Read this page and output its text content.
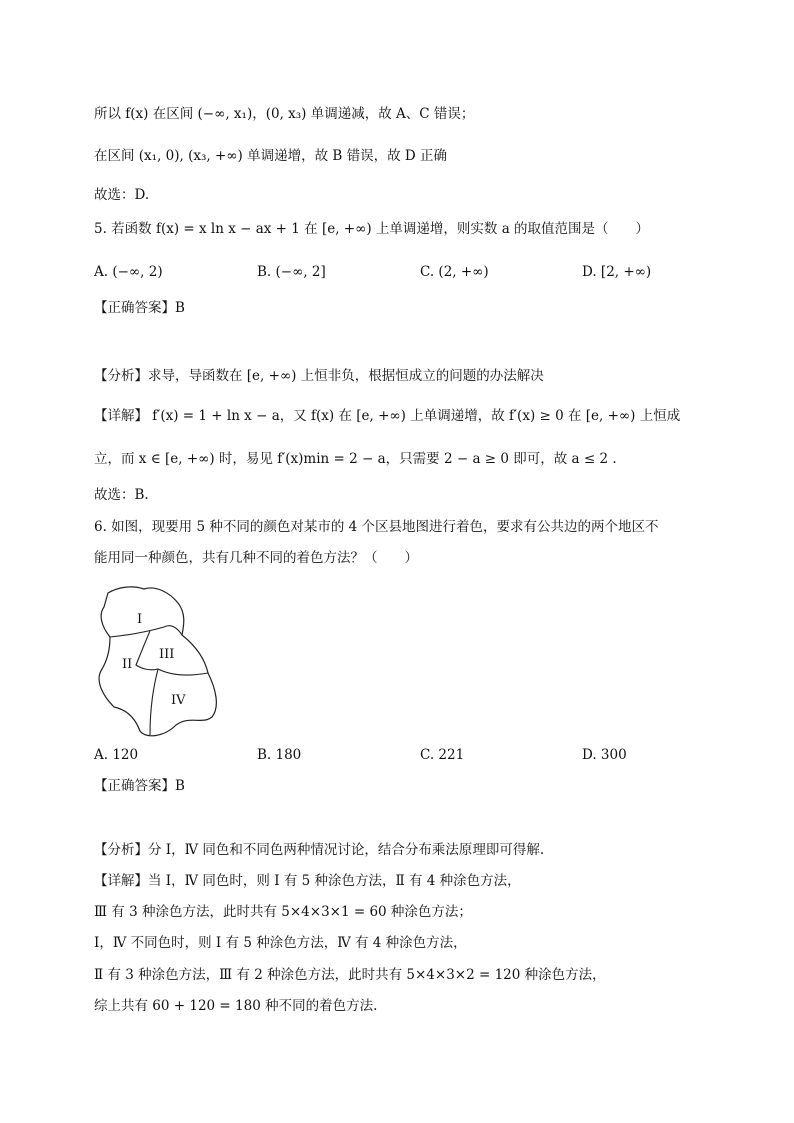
所以 f(x) 在区间 (−∞, x₁)，(0, x₃) 单调递减，故 A、C 错误；
在区间 (x₁, 0), (x₃, +∞) 单调递增，故 B 错误，故 D 正确
故选：D.
5. 若函数 f(x) = x ln x − ax + 1 在 [e, +∞) 上单调递增，则实数 a 的取值范围是（　　）
A. (−∞, 2)	B. (−∞, 2]	C. (2, +∞)	D. [2, +∞)
【正确答案】B
【分析】求导，导函数在 [e, +∞) 上恒非负，根据恒成立的问题的办法解决
【详解】 f′(x) = 1 + ln x − a，又 f(x) 在 [e, +∞) 上单调递增，故 f′(x) ≥ 0 在 [e, +∞) 上恒成
立，而 x ∈ [e, +∞) 时，易见 f′(x)min = 2 − a，只需要 2 − a ≥ 0 即可，故 a ≤ 2 .
故选：B.
6. 如图，现要用 5 种不同的颜色对某市的 4 个区县地图进行着色，要求有公共边的两个地区不
能用同一种颜色，共有几种不同的着色方法？（　　）
I
II
III
IV
A. 120	B. 180	C. 221	D. 300
【正确答案】B
【分析】分 Ⅰ，Ⅳ 同色和不同色两种情况讨论，结合分布乘法原理即可得解.
【详解】当 Ⅰ，Ⅳ 同色时，则 Ⅰ 有 5 种涂色方法，Ⅱ 有 4 种涂色方法，
Ⅲ 有 3 种涂色方法，此时共有 5×4×3×1 = 60 种涂色方法；
Ⅰ，Ⅳ 不同色时，则 Ⅰ 有 5 种涂色方法，Ⅳ 有 4 种涂色方法，
Ⅱ 有 3 种涂色方法，Ⅲ 有 2 种涂色方法，此时共有 5×4×3×2 = 120 种涂色方法，
综上共有 60 + 120 = 180 种不同的着色方法.
